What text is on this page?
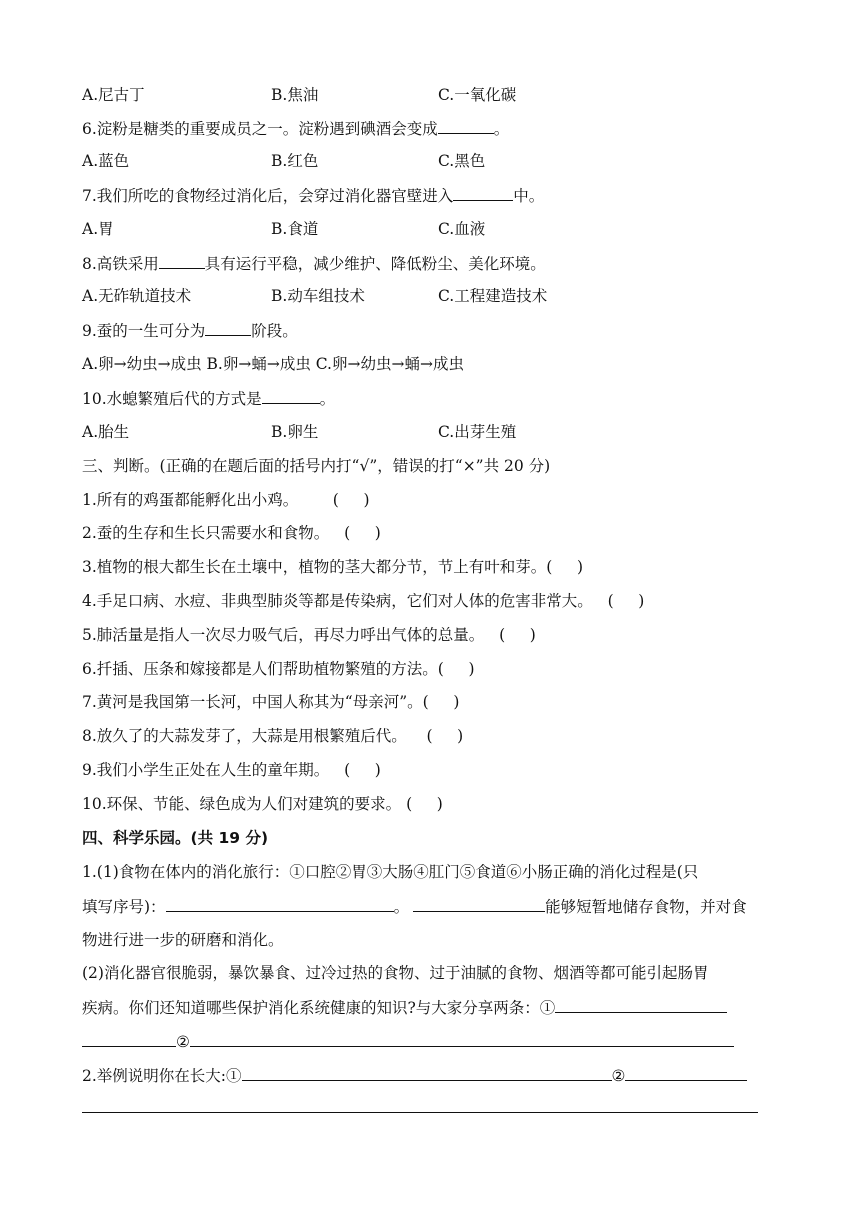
A.尼古丁	B.焦油	C.一氧化碳
6.淀粉是糖类的重要成员之一。淀粉遇到碘酒会变成	。
A.蓝色	B.红色	C.黑色
7.我们所吃的食物经过消化后，会穿过消化器官壁进入	中。
A.胃	B.食道	C.血液
8.高铁采用	具有运行平稳，减少维护、降低粉尘、美化环境。
A.无砟轨道技术	B.动车组技术	C.工程建造技术
9.蚕的一生可分为	阶段。
A.卵→幼虫→成虫 B.卵→蛹→成虫 C.卵→幼虫→蛹→成虫
10.水螅繁殖后代的方式是	。
A.胎生	B.卵生	C.出芽生殖
三、判断。(正确的在题后面的括号内打“√”，错误的打“×”共 20 分)
1.所有的鸡蛋都能孵化出小鸡。       (     )
2.蚕的生存和生长只需要水和食物。   (     )
3.植物的根大都生长在土壤中，植物的茎大都分节，节上有叶和芽。(     )
4.手足口病、水痘、非典型肺炎等都是传染病，它们对人体的危害非常大。   (     )
5.肺活量是指人一次尽力吸气后，再尽力呼出气体的总量。   (     )
6.扦插、压条和嫁接都是人们帮助植物繁殖的方法。(     )
7.黄河是我国第一长河，中国人称其为“母亲河”。(     )
8.放久了的大蒜发芽了，大蒜是用根繁殖后代。    (     )
9.我们小学生正处在人生的童年期。   (     )
10.环保、节能、绿色成为人们对建筑的要求。 (     )
四、科学乐园。(共 19 分)
1.(1)食物在体内的消化旅行：①口腔②胃③大肠④肛门⑤食道⑥小肠正确的消化过程是(只
填写序号)：	。	能够短暂地储存食物，并对食
物进行进一步的研磨和消化。
(2)消化器官很脆弱，暴饮暴食、过冷过热的食物、过于油腻的食物、烟酒等都可能引起肠胃
疾病。你们还知道哪些保护消化系统健康的知识?与大家分享两条：①
②
2.举例说明你在长大:①	②
